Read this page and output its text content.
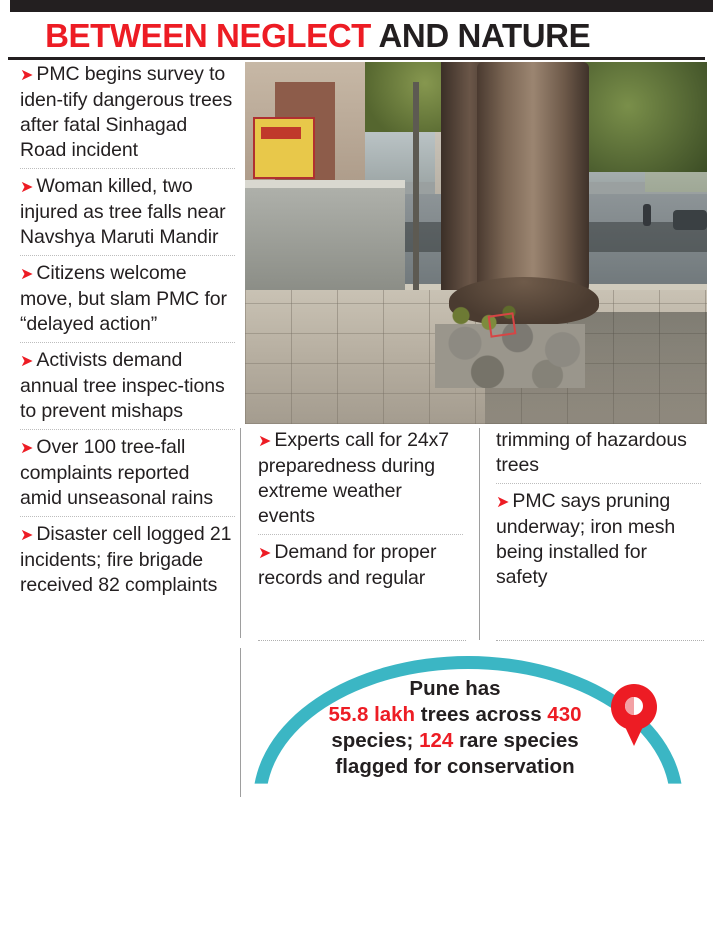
BETWEEN NEGLECT AND NATURE

➤ PMC begins survey to iden-tify dangerous trees after fatal Sinhagad Road incident
➤ Woman killed, two injured as tree falls near Navshya Maruti Mandir
➤ Citizens welcome move, but slam PMC for “delayed action”
➤ Activists demand annual tree inspec-tions to prevent mishaps
➤ Over 100 tree-fall complaints reported amid unseasonal rains
➤ Disaster cell logged 21 incidents; fire brigade received 82 complaints
➤ Experts call for 24x7 preparedness during extreme weather events
➤ Demand for proper records and regular
trimming of hazardous trees
➤ PMC says pruning underway; iron mesh being installed for safety
Pune has
55.8 lakh trees across 430
species; 124 rare species
flagged for conservation
